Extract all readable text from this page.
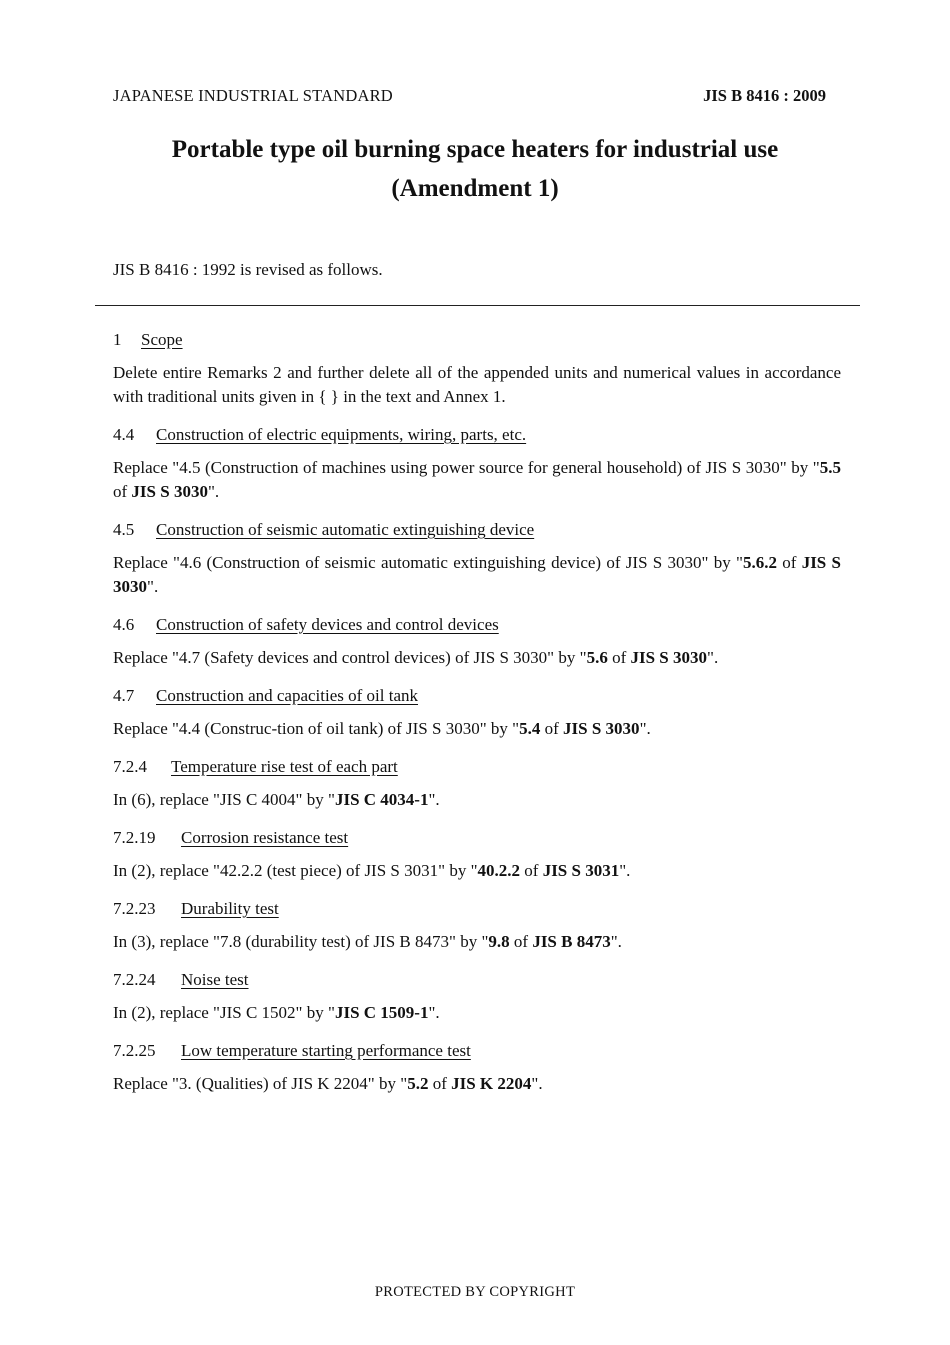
JAPANESE INDUSTRIAL STANDARD	JIS B 8416 : 2009
Portable type oil burning space heaters for industrial use
(Amendment 1)
JIS B 8416 : 1992 is revised as follows.
1 Scope
Delete entire Remarks 2 and further delete all of the appended units and numerical values in accordance with traditional units given in { } in the text and Annex 1.
4.4 Construction of electric equipments, wiring, parts, etc.
Replace "4.5 (Construction of machines using power source for general household) of JIS S 3030" by "5.5 of JIS S 3030".
4.5 Construction of seismic automatic extinguishing device
Replace "4.6 (Construction of seismic automatic extinguishing device) of JIS S 3030" by "5.6.2 of JIS S 3030".
4.6 Construction of safety devices and control devices
Replace "4.7 (Safety devices and control devices) of JIS S 3030" by "5.6 of JIS S 3030".
4.7 Construction and capacities of oil tank
Replace "4.4 (Construc-tion of oil tank) of JIS S 3030" by "5.4 of JIS S 3030".
7.2.4 Temperature rise test of each part
In (6), replace "JIS C 4004" by "JIS C 4034-1".
7.2.19 Corrosion resistance test
In (2), replace "42.2.2 (test piece) of JIS S 3031" by "40.2.2 of JIS S 3031".
7.2.23 Durability test
In (3), replace "7.8 (durability test) of JIS B 8473" by "9.8 of JIS B 8473".
7.2.24 Noise test
In (2), replace "JIS C 1502" by "JIS C 1509-1".
7.2.25 Low temperature starting performance test
Replace "3. (Qualities) of JIS K 2204" by "5.2 of JIS K 2204".
PROTECTED BY COPYRIGHT
